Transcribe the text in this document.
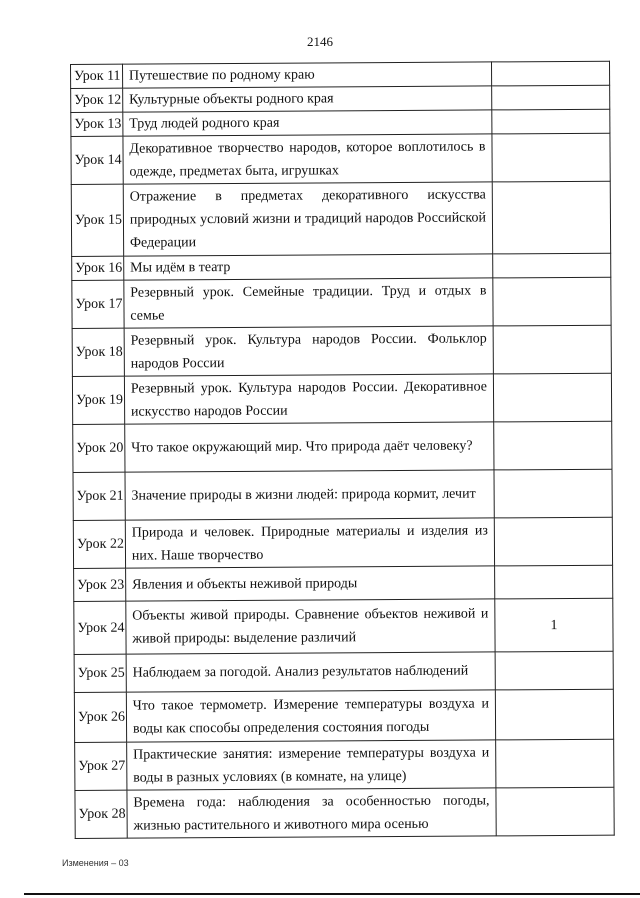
2146
Урок 11	Путешествие по родному краю	
Урок 12	Культурные объекты родного края	
Урок 13	Труд людей родного края	
Урок 14	Декоративное творчество народов, которое воплотилось в одежде, предметах быта, игрушках	
Урок 15	Отражение в предметах декоративного искусства природных условий жизни и традиций народов Российской Федерации	
Урок 16	Мы идём в театр	
Урок 17	Резервный урок. Семейные традиции. Труд и отдых в семье	
Урок 18	Резервный урок. Культура народов России. Фольклор народов России	
Урок 19	Резервный урок. Культура народов России. Декоративное искусство народов России	
Урок 20	Что такое окружающий мир. Что природа даёт человеку?	
Урок 21	Значение природы в жизни людей: природа кормит, лечит	
Урок 22	Природа и человек. Природные материалы и изделия из них. Наше творчество	
Урок 23	Явления и объекты неживой природы	
Урок 24	Объекты живой природы. Сравнение объектов неживой и живой природы: выделение различий	1
Урок 25	Наблюдаем за погодой. Анализ результатов наблюдений	
Урок 26	Что такое термометр. Измерение температуры воздуха и воды как способы определения состояния погоды	
Урок 27	Практические занятия: измерение температуры воздуха и воды в разных условиях (в комнате, на улице)	
Урок 28	Времена года: наблюдения за особенностью погоды, жизнью растительного и животного мира осенью	
Изменения – 03
